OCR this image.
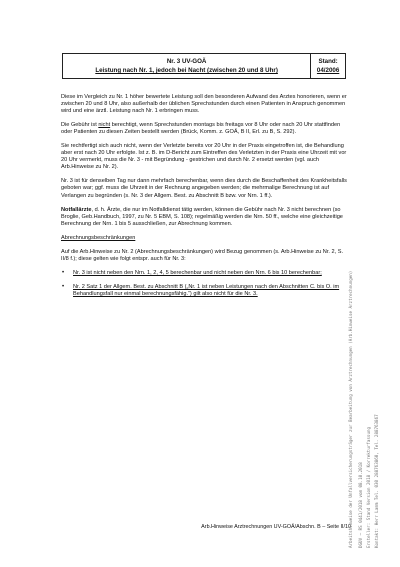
Nr. 3 UV-GOÄ
Leistung nach Nr. 1, jedoch bei Nacht (zwischen 20 und 8 Uhr)

Stand:
04/2006

Diese im Vergleich zu Nr. 1 höher bewertete Leistung soll den besonderen Aufwand des Arztes honorieren, wenn er zwischen 20 und 8 Uhr, also außerhalb der üblichen Sprechstunden durch einen Patienten in Anspruch genommen wird und eine ärztl. Leistung nach Nr. 1 erbringen muss.

Die Gebühr ist nicht berechtigt, wenn Sprechstunden montags bis freitags vor 8 Uhr oder nach 20 Uhr stattfinden oder Patienten zu diesen Zeiten bestellt werden (Brück, Komm. z. GOÄ, B II, Erl. zu B, S. 292).

Sie rechtfertigt sich auch nicht, wenn der Verletzte bereits vor 20 Uhr in der Praxis eingetroffen ist, die Behandlung aber erst nach 20 Uhr erfolgte. Ist z. B. im D-Bericht zum Eintreffen des Verletzten in der Praxis eine Uhrzeit mit vor 20 Uhr vermerkt, muss die Nr. 3 - mit Begründung - gestrichen und durch Nr. 2 ersetzt werden (vgl. auch Arb.Hinweise zu Nr. 2).

Nr. 3 ist für denselben Tag nur dann mehrfach berechenbar, wenn dies durch die Beschaffenheit des Krankheitsfalls geboten war; ggf. muss die Uhrzeit in der Rechnung angegeben werden; die mehrmalige Berechnung ist auf Verlangen zu begründen (s. Nr. 3 der Allgem. Best. zu Abschnitt B bzw. vor Nrn. 1 ff.).

Notfallärzte, d. h. Ärzte, die nur im Notfalldienst tätig werden, können die Gebühr nach Nr. 3 nicht berechnen (so Broglie, Geb.Handbuch, 1997, zu Nr. 5 EBM, S. 108); regelmäßig werden die Nrn. 50 ff., welche eine gleichzeitige Berechnung der Nrn. 1 bis 5 ausschließen, zur Abrechnung kommen.

Abrechnungsbeschränkungen

Auf die Arb.Hinweise zu Nr. 2 (Abrechnungsbeschränkungen) wird Bezug genommen (s. Arb.Hinweise zu Nr. 2, S. II/8 f.); diese gelten wie folgt entspr. auch für Nr. 3:

• Nr. 3 ist nicht neben den Nrn. 1, 2, 4, 5 berechenbar und nicht neben den Nrn. 6 bis 10 berechenbar;
• Nr. 2 Satz 1 der Allgem. Best. zu Abschnitt B („Nr. 1 ist neben Leistungen nach den Abschnitten C. bis O. im Behandlungsfall nur einmal berechnungsfähig.“) gilt also nicht für die Nr. 3.
Arb.Hinweise Arztrechnungen UV-GOÄ/Abschn. B – Seite II/10
Arbeitshinweise der Unfallversicherungsträger zur Bearbeitung von Arztrechnungen (Arb.Hinweise Arztrechnungen) DGUV – RS 0441/2018 vom 08.10.2018 Ersteller: Stand Version 2018 / Korrekturfassung Kontakt: Herr Lamm Tel. 030 288763860, Tel. 288763867
